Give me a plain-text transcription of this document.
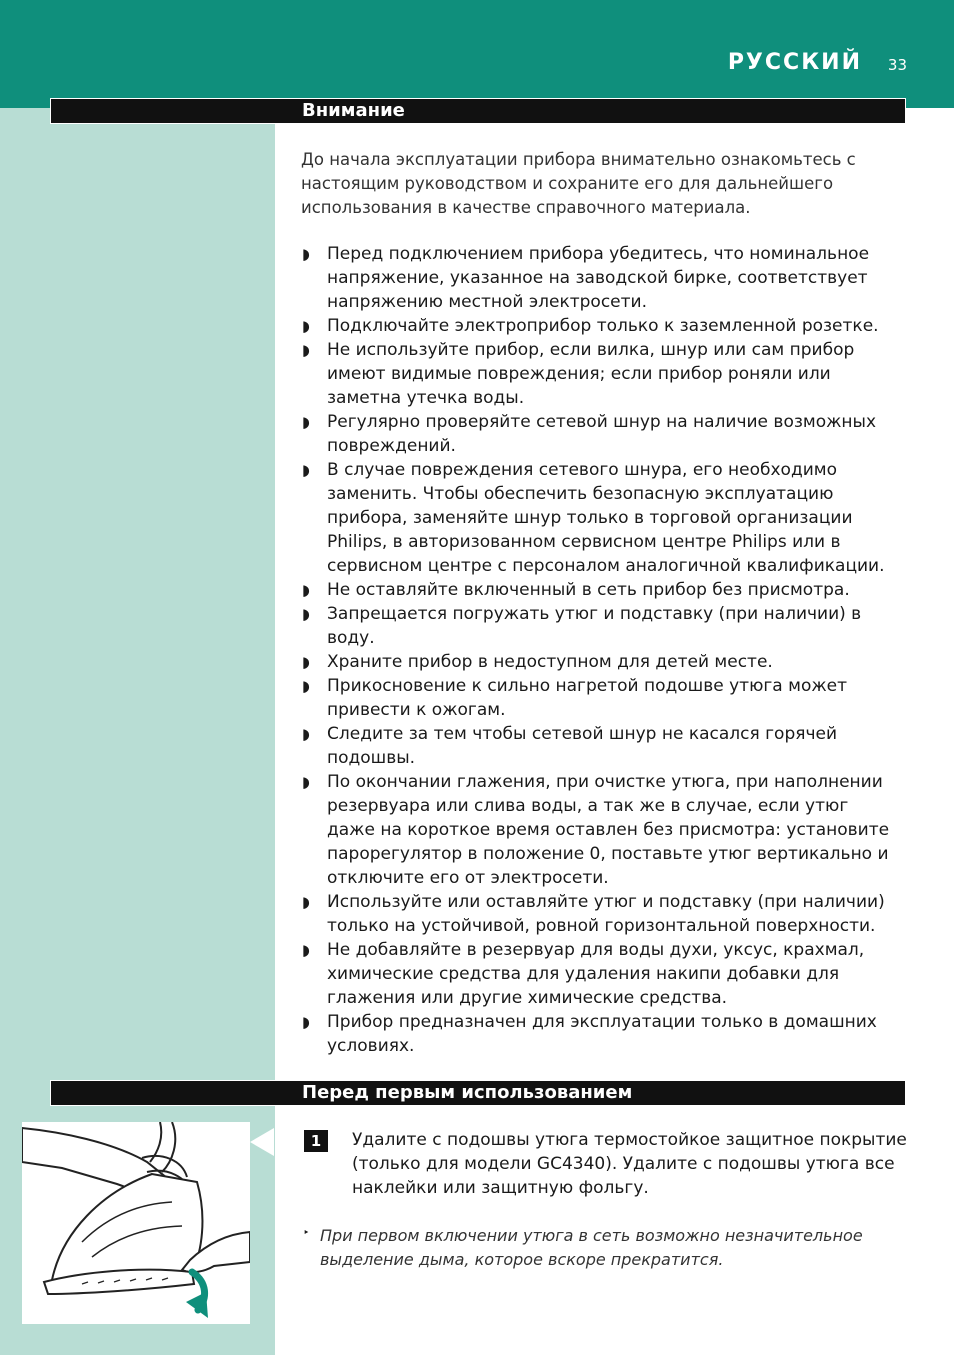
РУССКИЙ 33
Внимание
До начала эксплуатации прибора внимательно ознакомьтесь с настоящим руководством и сохраните его для дальнейшего использования в качестве справочного материала.
◗ Перед подключением прибора убедитесь, что номинальное напряжение, указанное на заводской бирке, соответствует напряжению местной электросети.
◗ Подключайте электроприбор только к заземленной розетке.
◗ Не используйте прибор, если вилка, шнур или сам прибор имеют видимые повреждения; если прибор роняли или заметна утечка воды.
◗ Регулярно проверяйте сетевой шнур на наличие возможных повреждений.
◗ В случае повреждения сетевого шнура, его необходимо заменить. Чтобы обеспечить безопасную эксплуатацию прибора, заменяйте шнур только в торговой организации Philips, в авторизованном сервисном центре Philips или в сервисном центре с персоналом аналогичной квалификации.
◗ Не оставляйте включенный в сеть прибор без присмотра.
◗ Запрещается погружать утюг и подставку (при наличии) в воду.
◗ Храните прибор в недоступном для детей месте.
◗ Прикосновение к сильно нагретой подошве утюга может привести к ожогам.
◗ Следите за тем чтобы сетевой шнур не касался горячей подошвы.
◗ По окончании глажения, при очистке утюга, при наполнении резервуара или слива воды, а так же в случае, если утюг даже на короткое время оставлен без присмотра: установите парорегулятор в положение 0, поставьте утюг вертикально и отключите его от электросети.
◗ Используйте или оставляйте утюг и подставку (при наличии) только на устойчивой, ровной горизонтальной поверхности.
◗ Не добавляйте в резервуар для воды духи, уксус, крахмал, химические средства для удаления накипи добавки для глажения или другие химические средства.
◗ Прибор предназначен для эксплуатации только в домашних условиях.
Перед первым использованием
1	Удалите с подошвы утюга термостойкое защитное покрытие (только для модели GC4340). Удалите с подошвы утюга все наклейки или защитную фольгу.
‣ При первом включении утюга в сеть возможно незначительное выделение дыма, которое вскоре прекратится.
